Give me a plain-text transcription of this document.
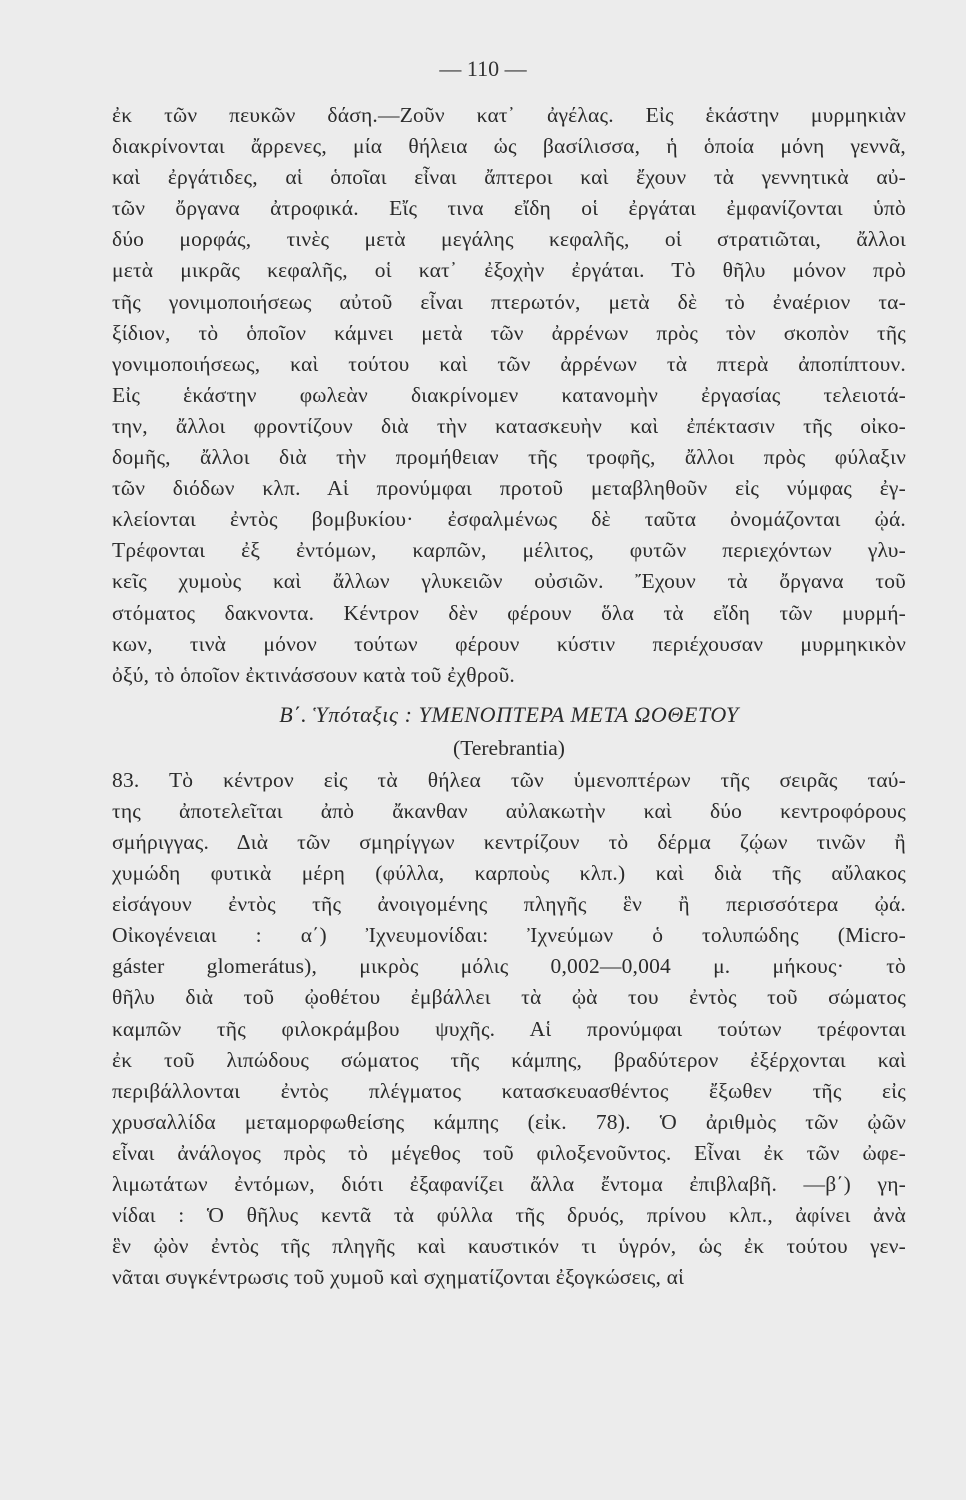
— 110 —
ἐκ τῶν πευκῶν δάση.—Ζοῦν κατ᾽ ἀγέλας. Εἰς ἑκάστην μυρμηκιὰν
διακρίνονται ἄρρενες, μία θήλεια ὡς βασίλισσα, ἡ ὁποία μόνη γεννᾶ,
καὶ ἐργάτιδες, αἱ ὁποῖαι εἶναι ἄπτεροι καὶ ἔχουν τὰ γεννητικὰ αὐ-
τῶν ὄργανα ἀτροφικά. Εἴς τινα εἴδη οἱ ἐργάται ἐμφανίζονται ὑπὸ
δύο μορφάς, τινὲς μετὰ μεγάλης κεφαλῆς, οἱ στρατιῶται, ἄλλοι
μετὰ μικρᾶς κεφαλῆς, οἱ κατ᾽ ἐξοχὴν ἐργάται. Τὸ θῆλυ μόνον πρὸ
τῆς γονιμοποιήσεως αὐτοῦ εἶναι πτερωτόν, μετὰ δὲ τὸ ἐναέριον τα-
ξίδιον, τὸ ὁποῖον κάμνει μετὰ τῶν ἀρρένων πρὸς τὸν σκοπὸν τῆς
γονιμοποιήσεως, καὶ τούτου καὶ τῶν ἀρρένων τὰ πτερὰ ἀποπίπτουν.
Εἰς ἑκάστην φωλεὰν διακρίνομεν κατανομὴν ἐργασίας τελειοτά-
την, ἄλλοι φροντίζουν διὰ τὴν κατασκευὴν καὶ ἐπέκτασιν τῆς οἰκο-
δομῆς, ἄλλοι διὰ τὴν προμήθειαν τῆς τροφῆς, ἄλλοι πρὸς φύλαξιν
τῶν διόδων κλπ. Αἱ προνύμφαι προτοῦ μεταβληθοῦν εἰς νύμφας ἐγ-
κλείονται ἐντὸς βομβυκίου· ἐσφαλμένως δὲ ταῦτα ὀνομάζονται ᾠά.
Τρέφονται ἐξ ἐντόμων, καρπῶν, μέλιτος, φυτῶν περιεχόντων γλυ-
κεῖς χυμοὺς καὶ ἄλλων γλυκειῶν οὐσιῶν. Ἔχουν τὰ ὄργανα τοῦ
στόματος δακνοντα. Κέντρον δὲν φέρουν ὅλα τὰ εἴδη τῶν μυρμή-
κων, τινὰ μόνον τούτων φέρουν κύστιν περιέχουσαν μυρμηκικὸν
ὀξύ, τὸ ὁποῖον ἐκτινάσσουν κατὰ τοῦ ἐχθροῦ.
Β΄. Ὑπόταξις : ΥΜΕΝΟΠΤΕΡΑ ΜΕΤΑ ΩΟΘΕΤΟΥ
(Terebrantia)
83. Τὸ κέντρον εἰς τὰ θήλεα τῶν ὑμενοπτέρων τῆς σειρᾶς ταύ-
της ἀποτελεῖται ἀπὸ ἄκανθαν αὐλακωτὴν καὶ δύο κεντροφόρους
σμήριγγας. Διὰ τῶν σμηρίγγων κεντρίζουν τὸ δέρμα ζῴων τινῶν ἢ
χυμώδη φυτικὰ μέρη (φύλλα, καρποὺς κλπ.) καὶ διὰ τῆς αὔλακος
εἰσάγουν ἐντὸς τῆς ἀνοιγομένης πληγῆς ἓν ἢ περισσότερα ᾠά.
Οἰκογένειαι : α΄) Ἰχνευμονίδαι: Ἰχνεύμων ὁ τολυπώδης (Micro-
gáster glomerátus), μικρὸς μόλις 0,002—0,004 μ. μήκους· τὸ
θῆλυ διὰ τοῦ ᾠοθέτου ἐμβάλλει τὰ ᾠὰ του ἐντὸς τοῦ σώματος
καμπῶν τῆς φιλοκράμβου ψυχῆς. Αἱ προνύμφαι τούτων τρέφονται
ἐκ τοῦ λιπώδους σώματος τῆς κάμπης, βραδύτερον ἐξέρχονται καὶ
περιβάλλονται ἐντὸς πλέγματος κατασκευασθέντος ἔξωθεν τῆς εἰς
χρυσαλλίδα μεταμορφωθείσης κάμπης (εἰκ. 78). Ὁ ἀριθμὸς τῶν ᾠῶν
εἶναι ἀνάλογος πρὸς τὸ μέγεθος τοῦ φιλοξενοῦντος. Εἶναι ἐκ τῶν ὠφε-
λιμωτάτων ἐντόμων, διότι ἐξαφανίζει ἄλλα ἔντομα ἐπιβλαβῆ. —β΄) γη-
νίδαι : Ὁ θῆλυς κεντᾶ τὰ φύλλα τῆς δρυός, πρίνου κλπ., ἀφίνει ἀνὰ
ἓν ᾠὸν ἐντὸς τῆς πληγῆς καὶ καυστικόν τι ὑγρόν, ὡς ἐκ τούτου γεν-
νᾶται συγκέντρωσις τοῦ χυμοῦ καὶ σχηματίζονται ἐξογκώσεις, αἱ
